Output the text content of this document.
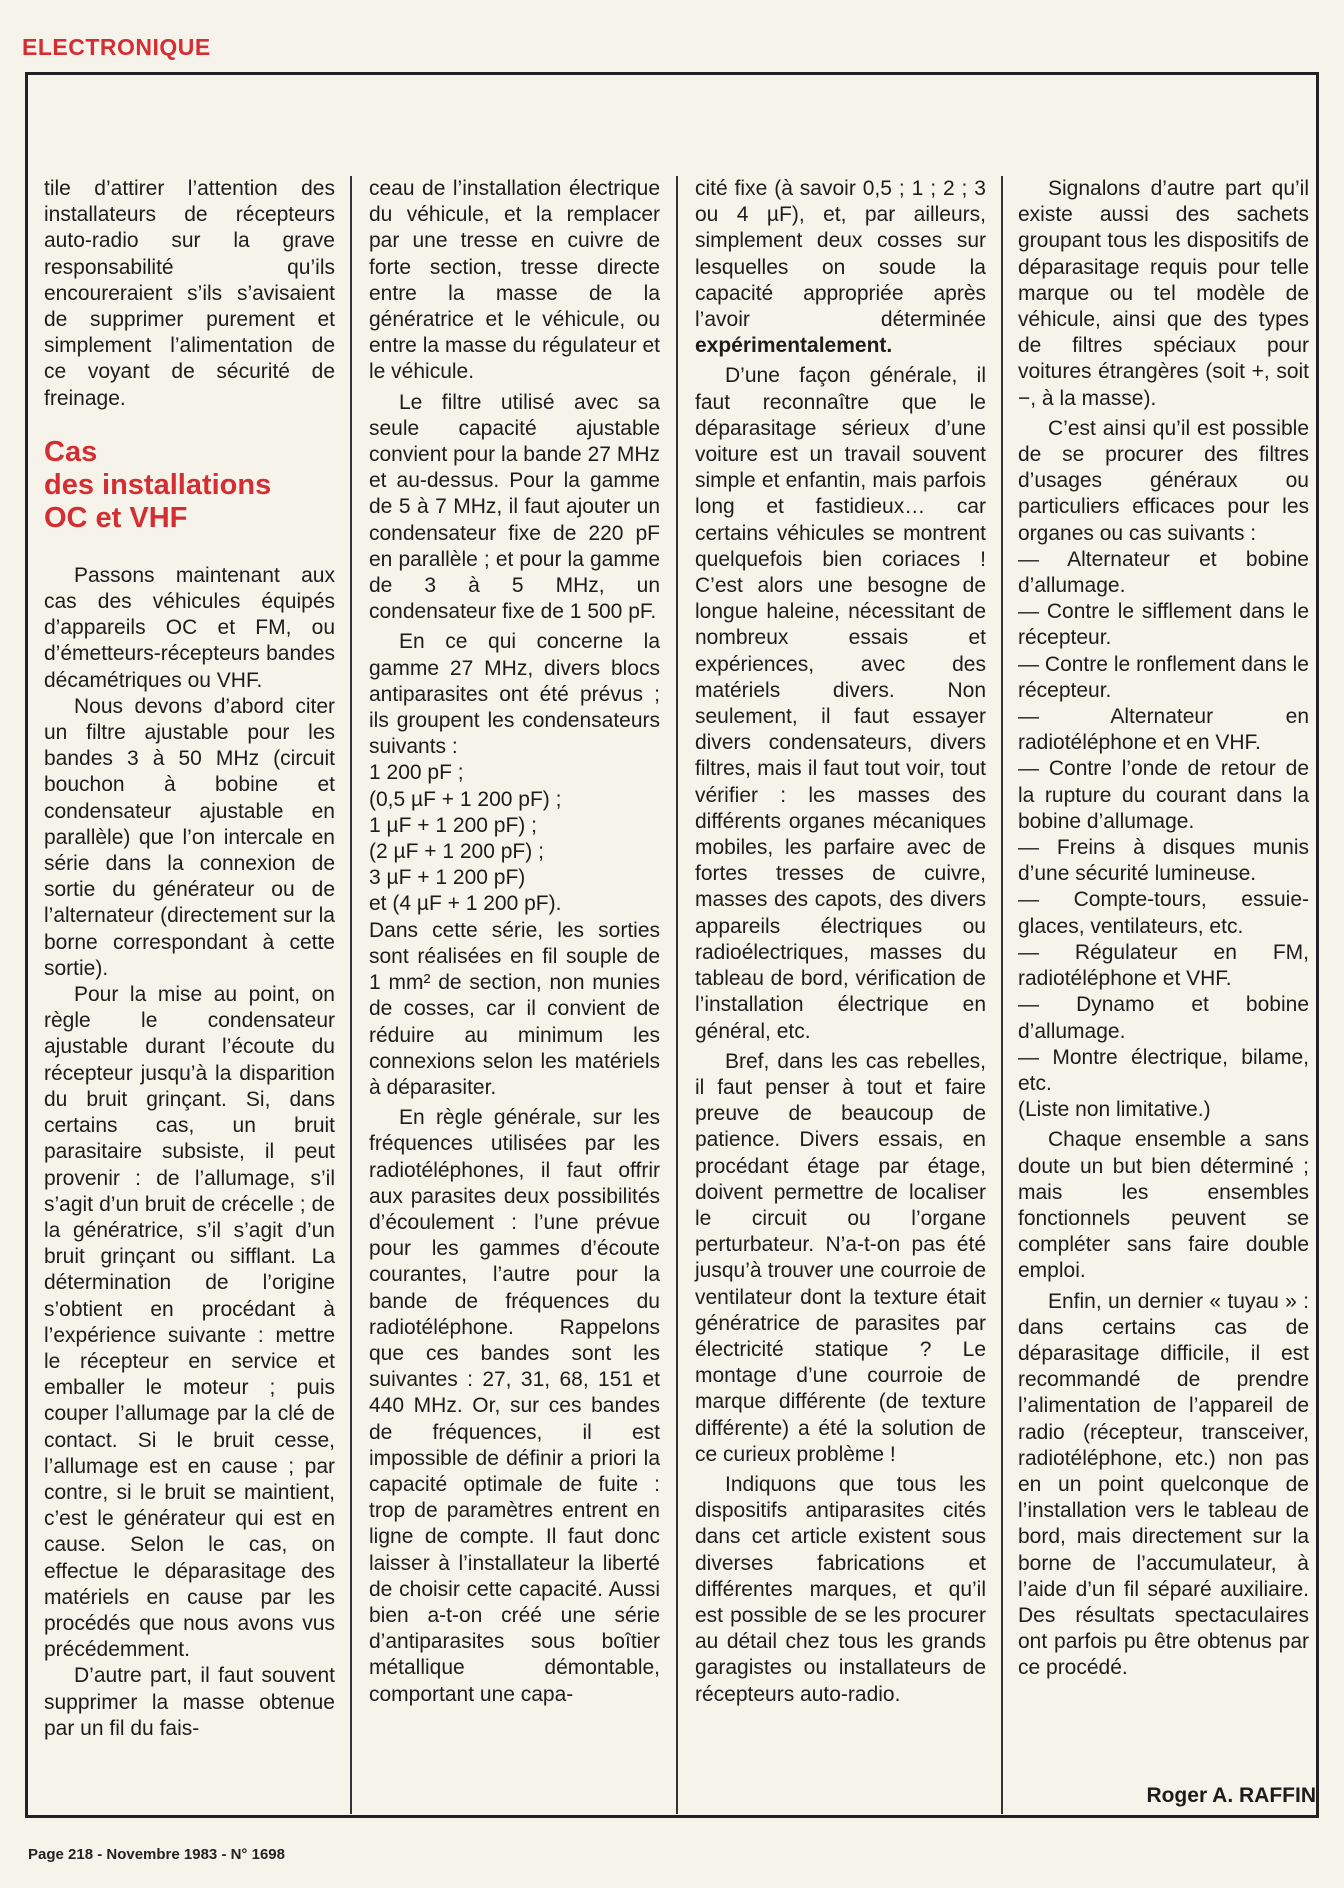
ELECTRONIQUE

tile d’attirer l’attention des installateurs de récepteurs auto-radio sur la grave responsabilité qu’ils encoureraient s’ils s’avisaient de supprimer purement et simplement l’alimentation de ce voyant de sécurité de freinage.

Cas
des installations
OC et VHF

Passons maintenant aux cas des véhicules équipés d’appareils OC et FM, ou d’émetteurs-récepteurs bandes décamétriques ou VHF.

Nous devons d’abord citer un filtre ajustable pour les bandes 3 à 50 MHz (circuit bouchon à bobine et condensateur ajustable en parallèle) que l’on intercale en série dans la connexion de sortie du générateur ou de l’alternateur (directement sur la borne correspondant à cette sortie).

Pour la mise au point, on règle le condensateur ajustable durant l’écoute du récepteur jusqu’à la disparition du bruit grinçant. Si, dans certains cas, un bruit parasitaire subsiste, il peut provenir : de l’allumage, s’il s’agit d’un bruit de crécelle ; de la génératrice, s’il s’agit d’un bruit grinçant ou sifflant. La détermination de l’origine s’obtient en procédant à l’expérience suivante : mettre le récepteur en service et emballer le moteur ; puis couper l’allumage par la clé de contact. Si le bruit cesse, l’allumage est en cause ; par contre, si le bruit se maintient, c’est le générateur qui est en cause. Selon le cas, on effectue le déparasitage des matériels en cause par les procédés que nous avons vus précédemment.

D’autre part, il faut souvent supprimer la masse obtenue par un fil du fais-

ceau de l’installation électrique du véhicule, et la remplacer par une tresse en cuivre de forte section, tresse directe entre la masse de la génératrice et le véhicule, ou entre la masse du régulateur et le véhicule.

Le filtre utilisé avec sa seule capacité ajustable convient pour la bande 27 MHz et au-dessus. Pour la gamme de 5 à 7 MHz, il faut ajouter un condensateur fixe de 220 pF en parallèle ; et pour la gamme de 3 à 5 MHz, un condensateur fixe de 1 500 pF.

En ce qui concerne la gamme 27 MHz, divers blocs antiparasites ont été prévus ; ils groupent les condensateurs suivants :

1 200 pF ;

(0,5 µF + 1 200 pF) ;

1 µF + 1 200 pF) ;

(2 µF + 1 200 pF) ;

3 µF + 1 200 pF)

et (4 µF + 1 200 pF).

Dans cette série, les sorties sont réalisées en fil souple de 1 mm² de section, non munies de cosses, car il convient de réduire au minimum les connexions selon les matériels à déparasiter.

En règle générale, sur les fréquences utilisées par les radiotéléphones, il faut offrir aux parasites deux possibilités d’écoulement : l’une prévue pour les gammes d’écoute courantes, l’autre pour la bande de fréquences du radiotéléphone. Rappelons que ces bandes sont les suivantes : 27, 31, 68, 151 et 440 MHz. Or, sur ces bandes de fréquences, il est impossible de définir a priori la capacité optimale de fuite : trop de paramètres entrent en ligne de compte. Il faut donc laisser à l’installateur la liberté de choisir cette capacité. Aussi bien a-t-on créé une série d’antiparasites sous boîtier métallique démontable, comportant une capa-

cité fixe (à savoir 0,5 ; 1 ; 2 ; 3 ou 4 µF), et, par ailleurs, simplement deux cosses sur lesquelles on soude la capacité appropriée après l’avoir déterminée expérimentalement.

D’une façon générale, il faut reconnaître que le déparasitage sérieux d’une voiture est un travail souvent simple et enfantin, mais parfois long et fastidieux… car certains véhicules se montrent quelquefois bien coriaces ! C’est alors une besogne de longue haleine, nécessitant de nombreux essais et expériences, avec des matériels divers. Non seulement, il faut essayer divers condensateurs, divers filtres, mais il faut tout voir, tout vérifier : les masses des différents organes mécaniques mobiles, les parfaire avec de fortes tresses de cuivre, masses des capots, des divers appareils électriques ou radioélectriques, masses du tableau de bord, vérification de l’installation électrique en général, etc.

Bref, dans les cas rebelles, il faut penser à tout et faire preuve de beaucoup de patience. Divers essais, en procédant étage par étage, doivent permettre de localiser le circuit ou l’organe perturbateur. N’a-t-on pas été jusqu’à trouver une courroie de ventilateur dont la texture était génératrice de parasites par électricité statique ? Le montage d’une courroie de marque différente (de texture différente) a été la solution de ce curieux problème !

Indiquons que tous les dispositifs antiparasites cités dans cet article existent sous diverses fabrications et différentes marques, et qu’il est possible de se les procurer au détail chez tous les grands garagistes ou installateurs de récepteurs auto-radio.

Signalons d’autre part qu’il existe aussi des sachets groupant tous les dispositifs de déparasitage requis pour telle marque ou tel modèle de véhicule, ainsi que des types de filtres spéciaux pour voitures étrangères (soit +, soit −, à la masse).

C’est ainsi qu’il est possible de se procurer des filtres d’usages généraux ou particuliers efficaces pour les organes ou cas suivants :

— Alternateur et bobine d’allumage.

— Contre le sifflement dans le récepteur.

— Contre le ronflement dans le récepteur.

— Alternateur en radiotéléphone et en VHF.

— Contre l’onde de retour de la rupture du courant dans la bobine d’allumage.

— Freins à disques munis d’une sécurité lumineuse.

— Compte-tours, essuie-glaces, ventilateurs, etc.

— Régulateur en FM, radiotéléphone et VHF.

— Dynamo et bobine d’allumage.

— Montre électrique, bilame, etc.

(Liste non limitative.)

Chaque ensemble a sans doute un but bien déterminé ; mais les ensembles fonctionnels peuvent se compléter sans faire double emploi.

Enfin, un dernier « tuyau » : dans certains cas de déparasitage difficile, il est recommandé de prendre l’alimentation de l’appareil de radio (récepteur, transceiver, radiotéléphone, etc.) non pas en un point quelconque de l’installation vers le tableau de bord, mais directement sur la borne de l’accumulateur, à l’aide d’un fil séparé auxiliaire. Des résultats spectaculaires ont parfois pu être obtenus par ce procédé.

Roger A. RAFFIN
Page 218 - Novembre 1983 - N° 1698
